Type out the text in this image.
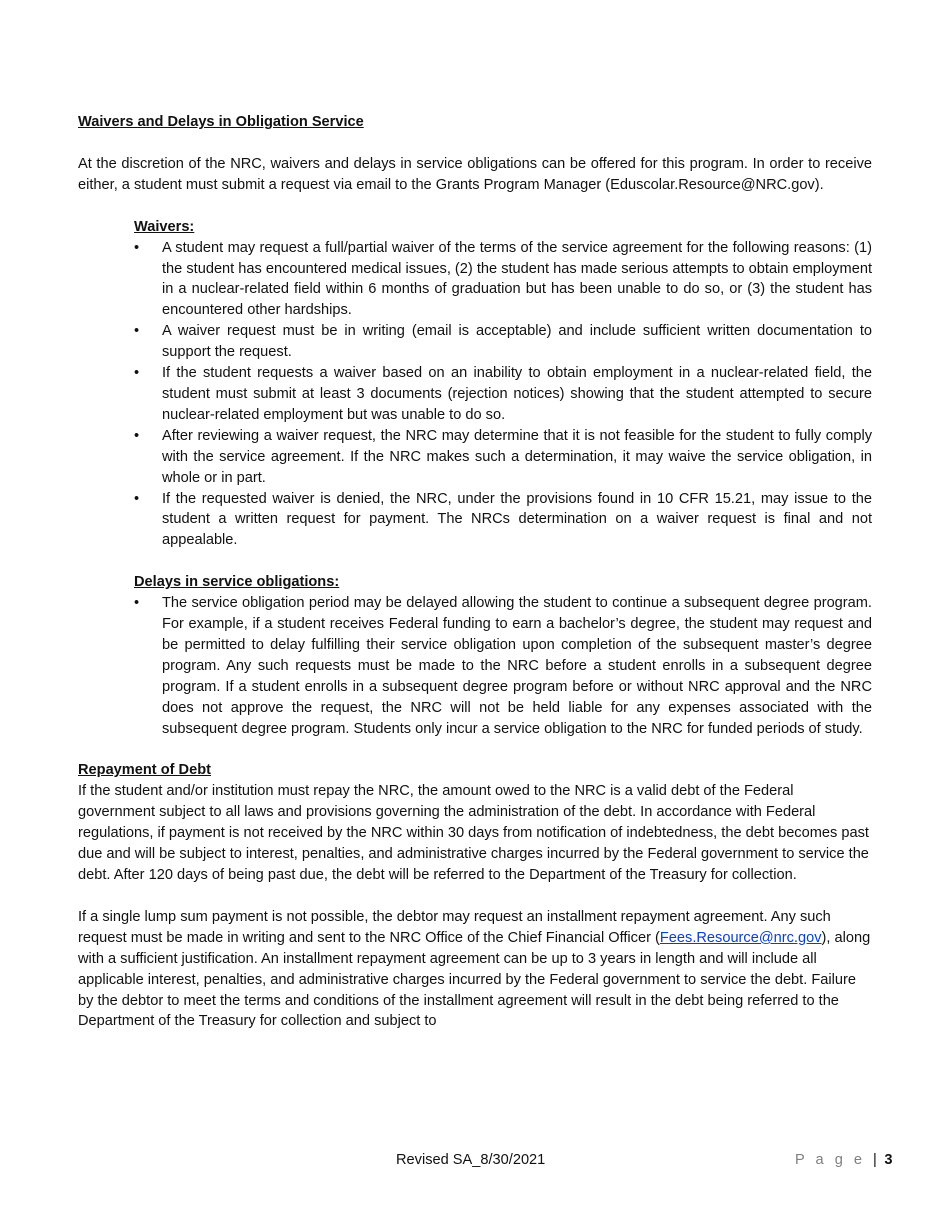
Waivers and Delays in Obligation Service

At the discretion of the NRC, waivers and delays in service obligations can be offered for this program. In order to receive either, a student must submit a request via email to the Grants Program Manager (Eduscolar.Resource@NRC.gov).

Waivers:

• A student may request a full/partial waiver of the terms of the service agreement for the following reasons: (1) the student has encountered medical issues, (2) the student has made serious attempts to obtain employment in a nuclear-related field within 6 months of graduation but has been unable to do so, or (3) the student has encountered other hardships.
• A waiver request must be in writing (email is acceptable) and include sufficient written documentation to support the request.
• If the student requests a waiver based on an inability to obtain employment in a nuclear-related field, the student must submit at least 3 documents (rejection notices) showing that the student attempted to secure nuclear-related employment but was unable to do so.
• After reviewing a waiver request, the NRC may determine that it is not feasible for the student to fully comply with the service agreement. If the NRC makes such a determination, it may waive the service obligation, in whole or in part.
• If the requested waiver is denied, the NRC, under the provisions found in 10 CFR 15.21, may issue to the student a written request for payment. The NRCs determination on a waiver request is final and not appealable.

Delays in service obligations:

• The service obligation period may be delayed allowing the student to continue a subsequent degree program. For example, if a student receives Federal funding to earn a bachelor’s degree, the student may request and be permitted to delay fulfilling their service obligation upon completion of the subsequent master’s degree program. Any such requests must be made to the NRC before a student enrolls in a subsequent degree program. If a student enrolls in a subsequent degree program before or without NRC approval and the NRC does not approve the request, the NRC will not be held liable for any expenses associated with the subsequent degree program. Students only incur a service obligation to the NRC for funded periods of study.

Repayment of Debt

If the student and/or institution must repay the NRC, the amount owed to the NRC is a valid debt of the Federal government subject to all laws and provisions governing the administration of the debt. In accordance with Federal regulations, if payment is not received by the NRC within 30 days from notification of indebtedness, the debt becomes past due and will be subject to interest, penalties, and administrative charges incurred by the Federal government to service the debt. After 120 days of being past due, the debt will be referred to the Department of the Treasury for collection.

If a single lump sum payment is not possible, the debtor may request an installment repayment agreement. Any such request must be made in writing and sent to the NRC Office of the Chief Financial Officer (Fees.Resource@nrc.gov), along with a sufficient justification. An installment repayment agreement can be up to 3 years in length and will include all applicable interest, penalties, and administrative charges incurred by the Federal government to service the debt. Failure by the debtor to meet the terms and conditions of the installment agreement will result in the debt being referred to the Department of the Treasury for collection and subject to

Revised SA_8/30/2021	P a g e | 3
